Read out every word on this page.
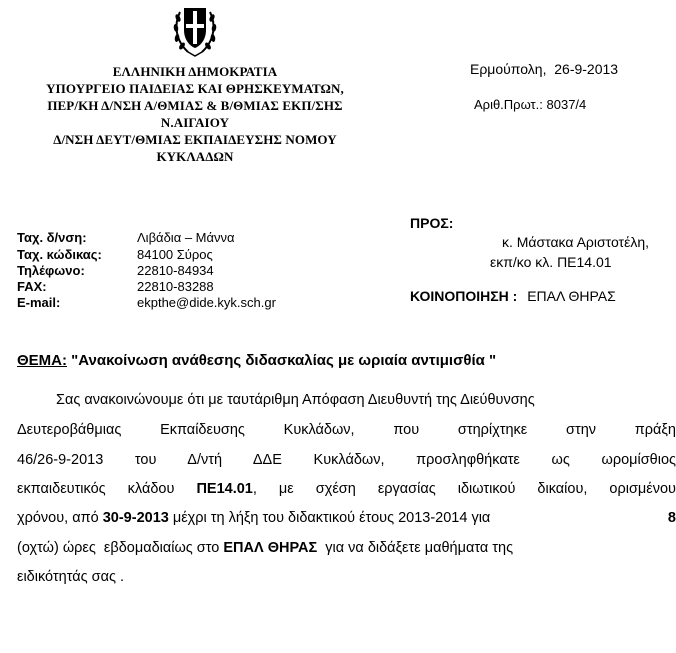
ΕΛΛΗΝΙΚΗ ΔΗΜΟΚΡΑΤΙΑ
ΥΠΟΥΡΓΕΙΟ ΠΑΙΔΕΙΑΣ ΚΑΙ ΘΡΗΣΚΕΥΜΑΤΩΝ,
ΠΕΡ/ΚΗ Δ/ΝΣΗ Α/ΘΜΙΑΣ & Β/ΘΜΙΑΣ ΕΚΠ/ΣΗΣ
Ν.ΑΙΓΑΙΟΥ
Δ/ΝΣΗ ΔΕΥΤ/ΘΜΙΑΣ ΕΚΠΑΙΔΕΥΣΗΣ ΝΟΜΟΥ
ΚΥΚΛΑΔΩΝ
Ερμούπολη,  26-9-2013
Αριθ.Πρωτ.: 8037/4
Ταχ. δ/νση:	Λιβάδια – Μάννα
Ταχ. κώδικας:	84100 Σύρος
Τηλέφωνο:	22810-84934
FAX:	22810-83288
E-mail:	ekpthe@dide.kyk.sch.gr
ΠΡΟΣ:
κ. Μάστακα Αριστοτέλη,
εκπ/κο κλ. ΠΕ14.01
ΚΟΙΝΟΠΟΙΗΣΗ : ΕΠΑΛ ΘΗΡΑΣ
ΘΕΜΑ: "Ανακοίνωση ανάθεσης διδασκαλίας με ωριαία αντιμισθία "
Σας ανακοινώνουμε ότι με ταυτάριθμη Απόφαση Διευθυντή της Διεύθυνσης
Δευτεροβάθμιας Εκπαίδευσης Κυκλάδων, που στηρίχτηκε στην πράξη
46/26-9-2013 του Δ/ντή ΔΔΕ Κυκλάδων, προσληφθήκατε ως ωρομίσθιος
εκπαιδευτικός κλάδου ΠΕ14.01, με σχέση εργασίας ιδιωτικού δικαίου, ορισμένου
χρόνου, από 30-9-2013 μέχρι τη λήξη του διδακτικού έτους 2013-2014 για	8
(οχτώ) ώρες  εβδομαδιαίως στο ΕΠΑΛ ΘΗΡΑΣ  για να διδάξετε μαθήματα της
ειδικότητάς σας .
